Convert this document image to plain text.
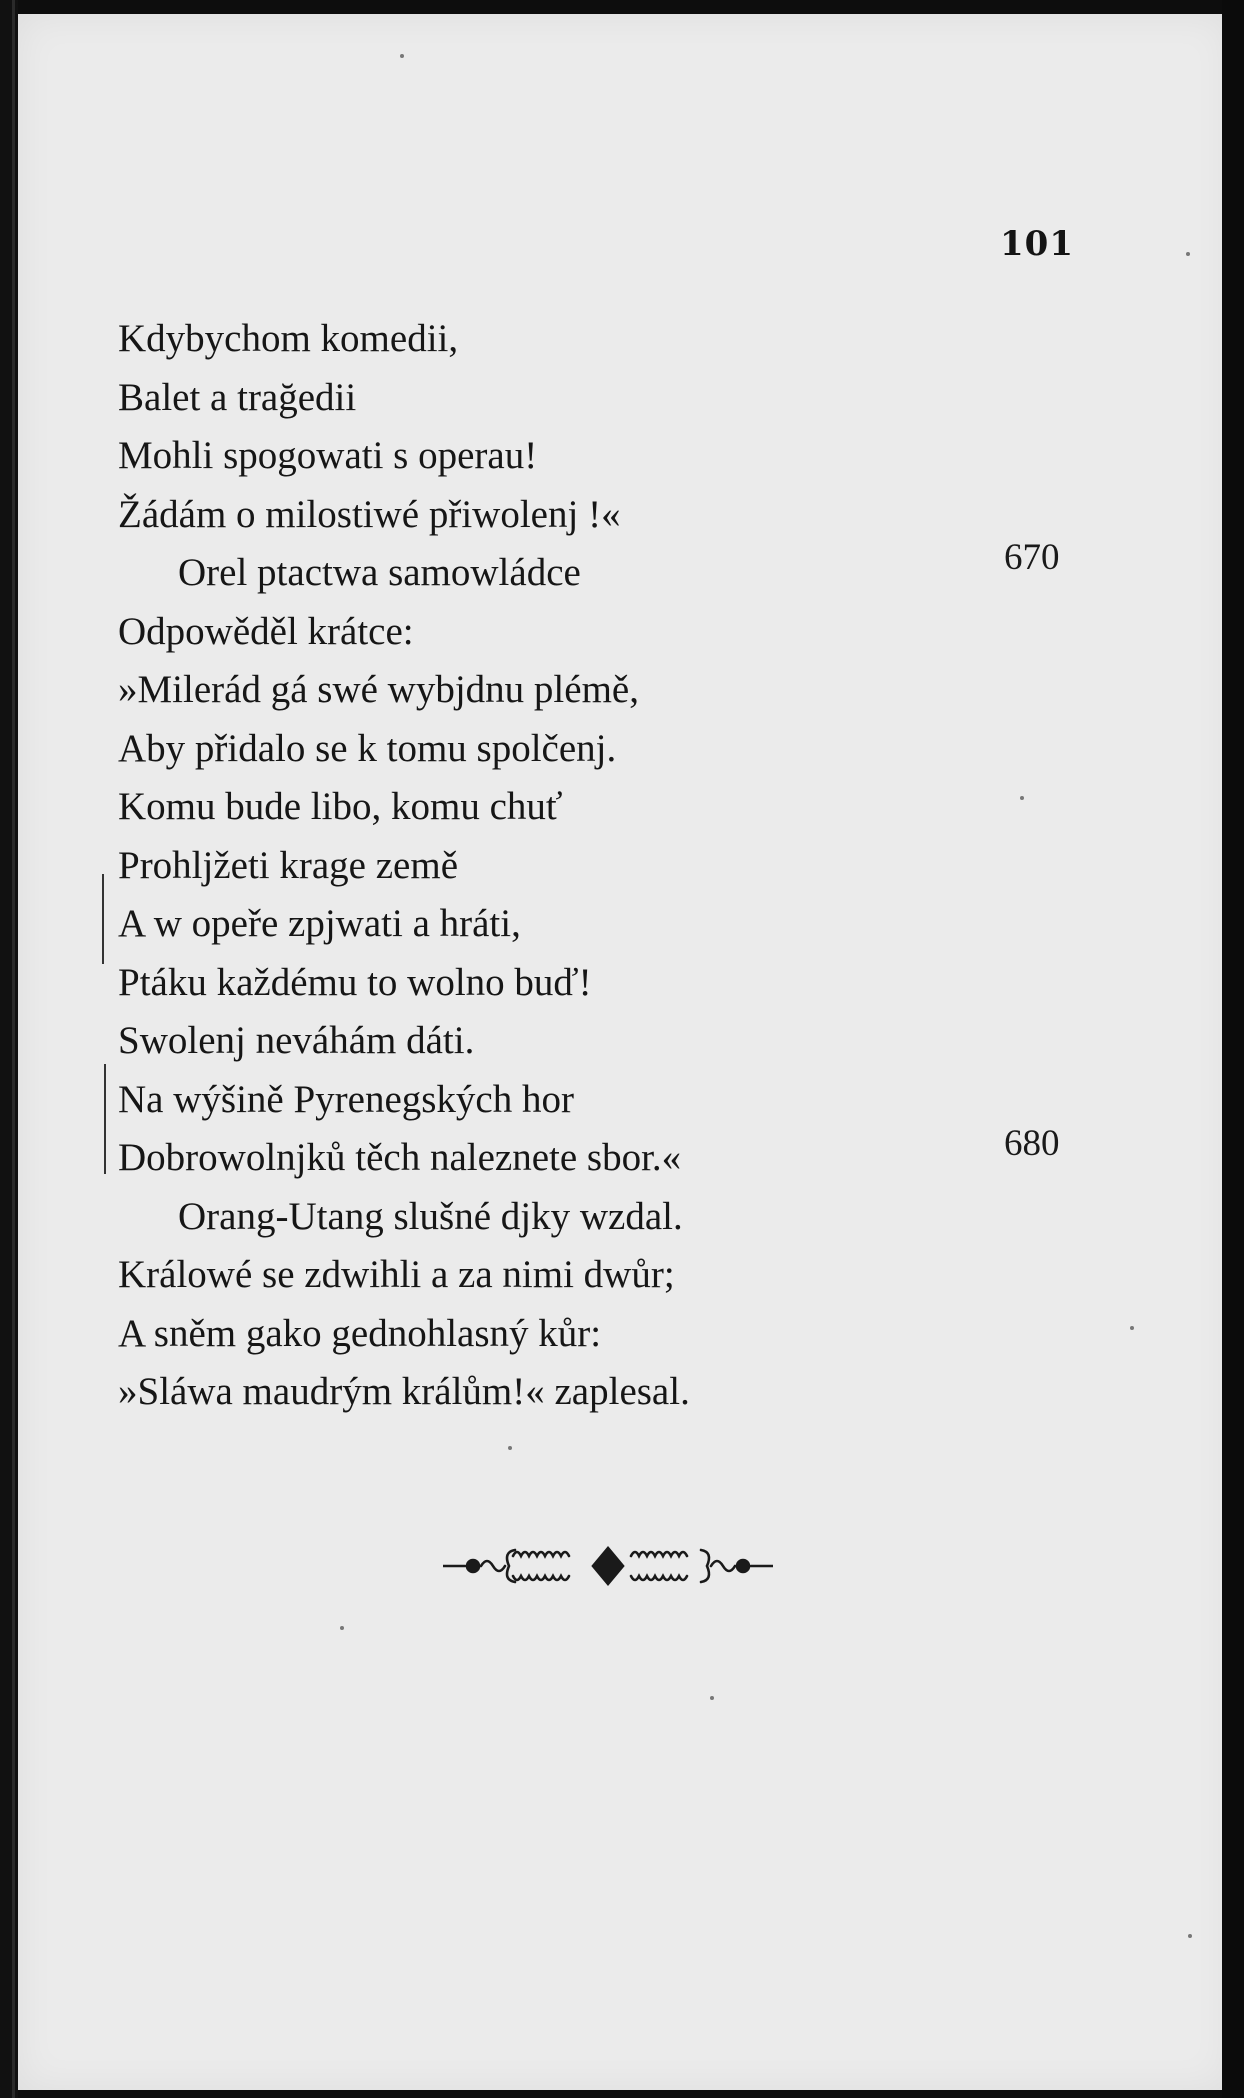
101
Kdybychom komedii,
Balet a trağedii
Mohli spogowati s operau!
Žádám o milostiwé přiwolenj !«
Orel ptactwa samowládce
Odpowěděl krátce:
»Milerád gá swé wybjdnu plémě,
Aby přidalo se k tomu spolčenj.
Komu bude libo, komu chuť
Prohljžeti krage země
A w opeře zpjwati a hráti,
Ptáku každému to wolno buď!
Swolenj neváhám dáti.
Na wýšině Pyrenegských hor
Dobrowolnjků těch naleznete sbor.«
Orang-Utang slušné djky wzdal.
Králowé se zdwihli a za nimi dwůr;
A sněm gako gednohlasný kůr:
»Sláwa maudrým králům!« zaplesal.
670
680
